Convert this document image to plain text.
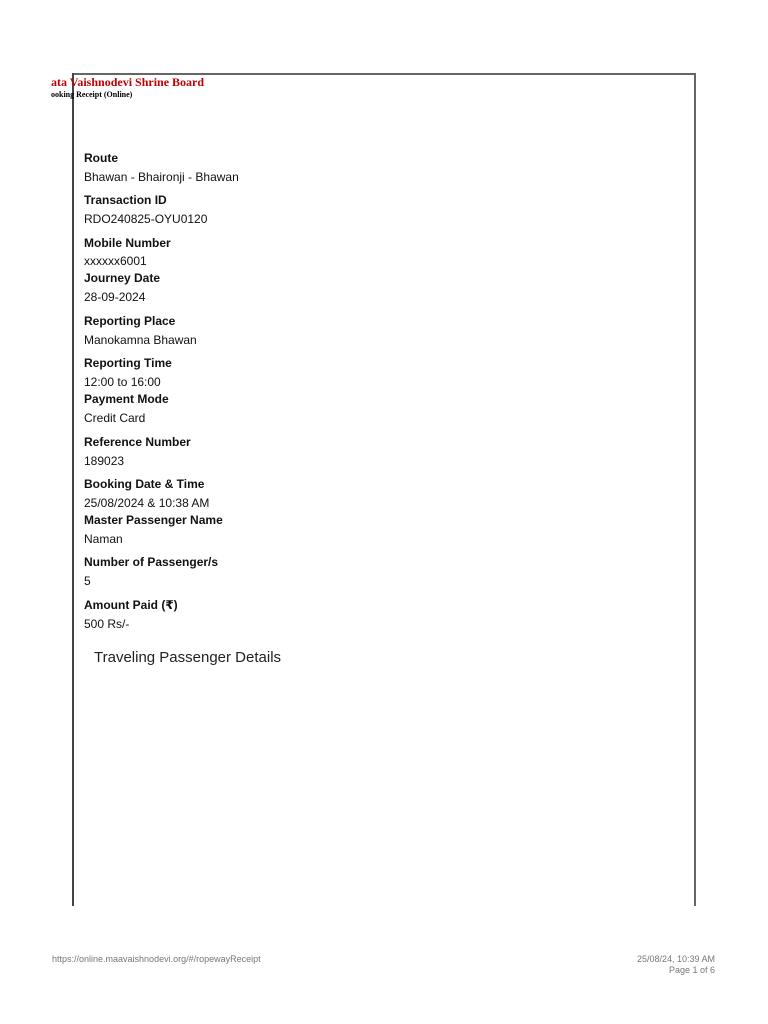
ata Vaishnodevi Shrine Board
ooking Receipt (Online)
Route
Bhawan - Bhaironji - Bhawan
Transaction ID
RDO240825-OYU0120
Mobile Number
xxxxxx6001
Journey Date
28-09-2024
Reporting Place
Manokamna Bhawan
Reporting Time
12:00 to 16:00
Payment Mode
Credit Card
Reference Number
189023
Booking Date & Time
25/08/2024 & 10:38 AM
Master Passenger Name
Naman
Number of Passenger/s
5
Amount Paid (₹)
500 Rs/-
Traveling Passenger Details
https://online.maavaishnodevi.org/#/ropewayReceipt	25/08/24, 10:39 AM
Page 1 of 6
